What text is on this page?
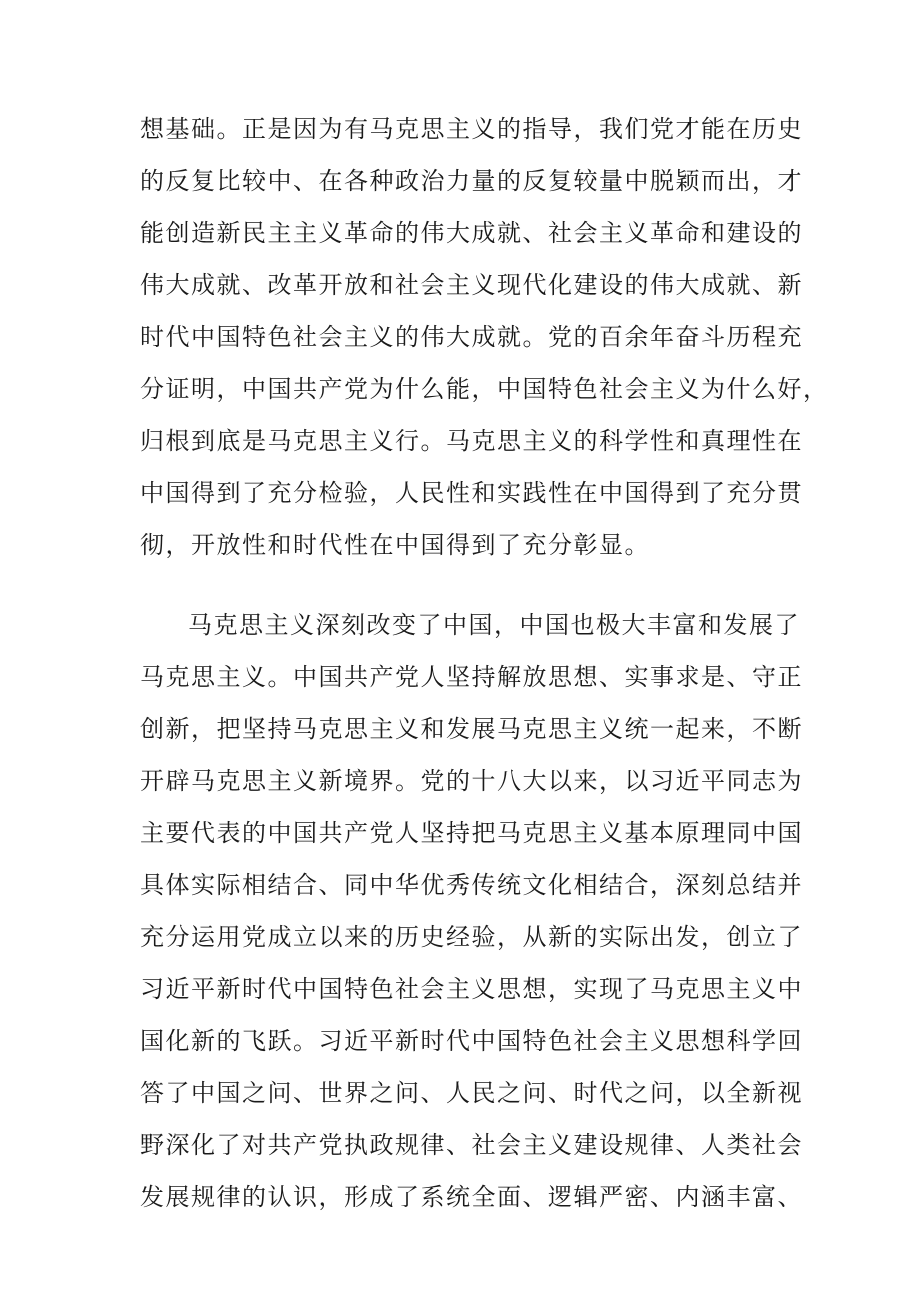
想基础。正是因为有马克思主义的指导，我们党才能在历史
的反复比较中、在各种政治力量的反复较量中脱颖而出，才
能创造新民主主义革命的伟大成就、社会主义革命和建设的
伟大成就、改革开放和社会主义现代化建设的伟大成就、新
时代中国特色社会主义的伟大成就。党的百余年奋斗历程充
分证明，中国共产党为什么能，中国特色社会主义为什么好，
归根到底是马克思主义行。马克思主义的科学性和真理性在
中国得到了充分检验，人民性和实践性在中国得到了充分贯
彻，开放性和时代性在中国得到了充分彰显。
马克思主义深刻改变了中国，中国也极大丰富和发展了
马克思主义。中国共产党人坚持解放思想、实事求是、守正
创新，把坚持马克思主义和发展马克思主义统一起来，不断
开辟马克思主义新境界。党的十八大以来，以习近平同志为
主要代表的中国共产党人坚持把马克思主义基本原理同中国
具体实际相结合、同中华优秀传统文化相结合，深刻总结并
充分运用党成立以来的历史经验，从新的实际出发，创立了
习近平新时代中国特色社会主义思想，实现了马克思主义中
国化新的飞跃。习近平新时代中国特色社会主义思想科学回
答了中国之问、世界之问、人民之问、时代之问，以全新视
野深化了对共产党执政规律、社会主义建设规律、人类社会
发展规律的认识，形成了系统全面、逻辑严密、内涵丰富、
